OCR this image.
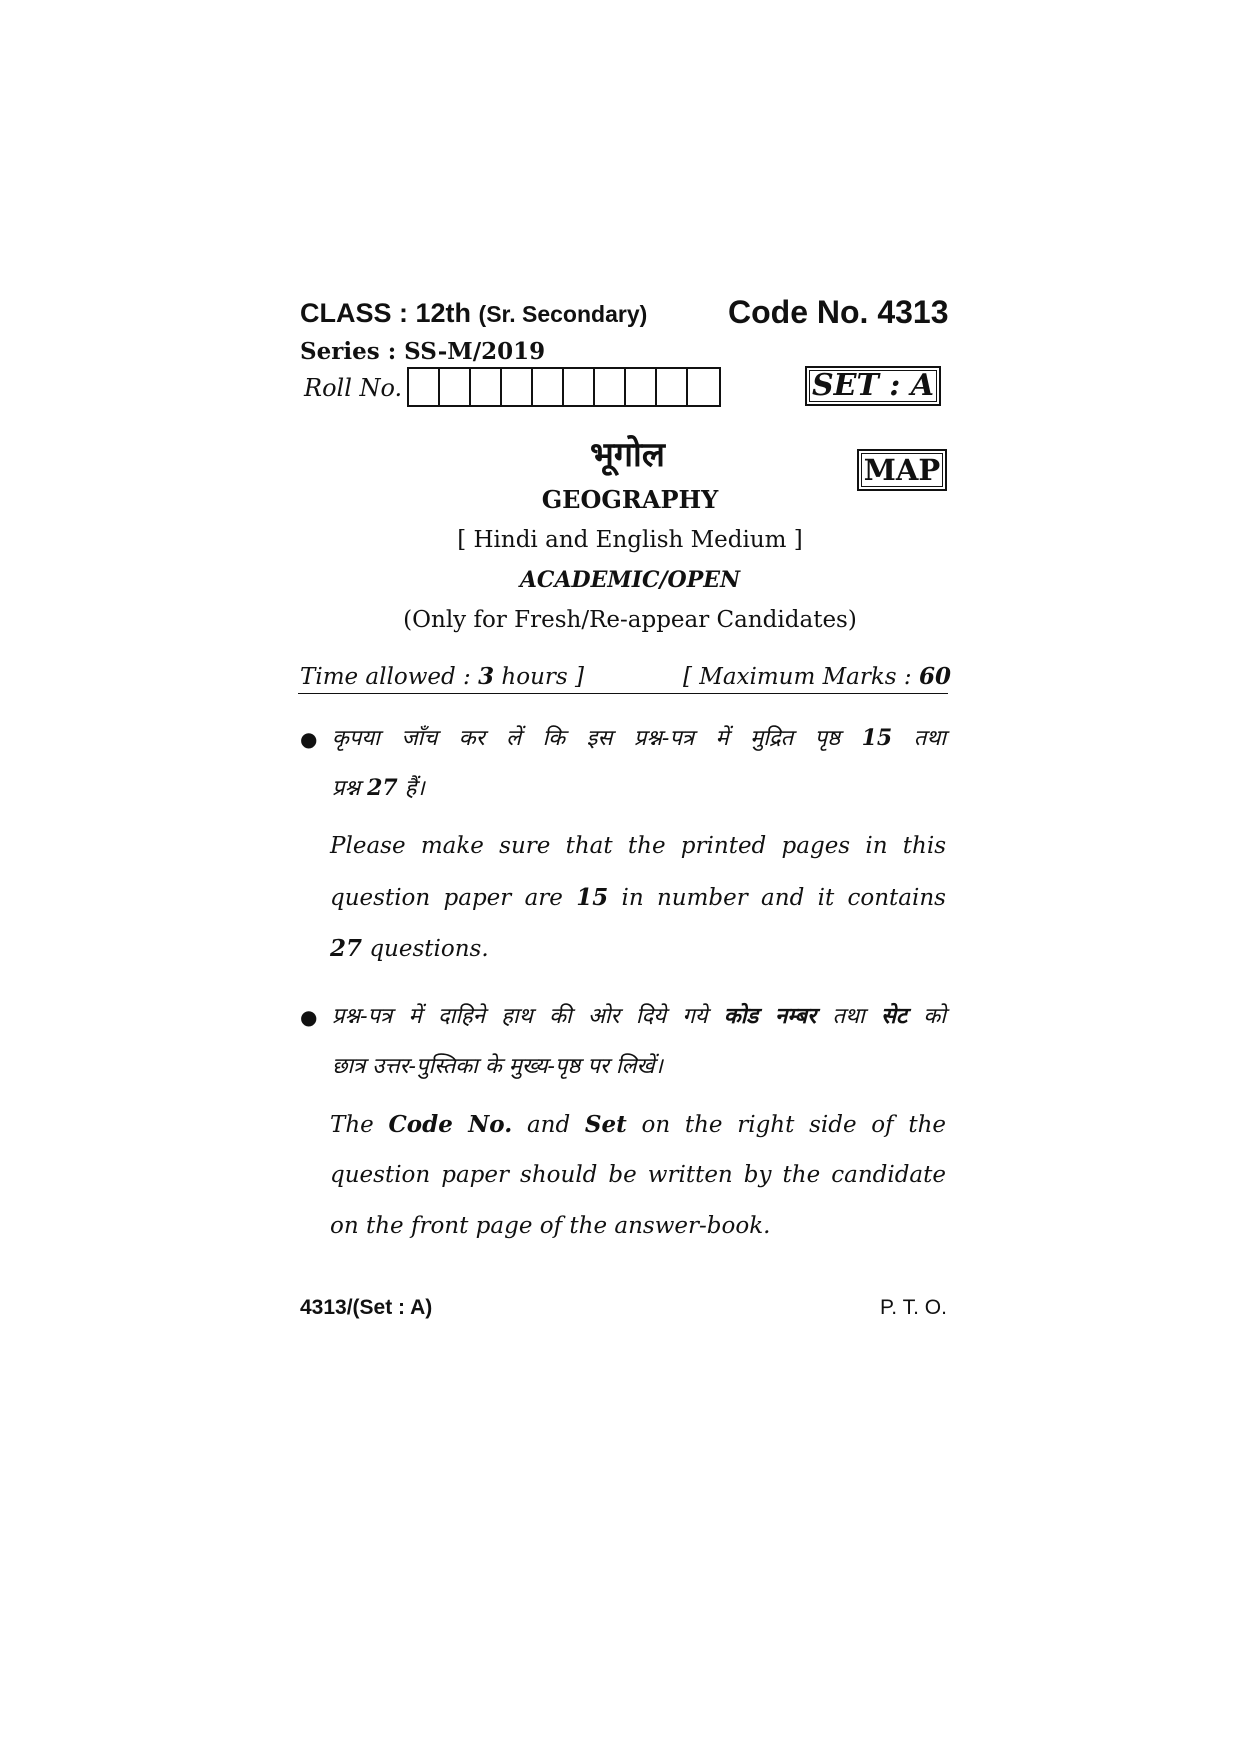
CLASS : 12th (Sr. Secondary)	Code No. 4313
Series : SS-M/2019
Roll No.	SET : A
भूगोल	MAP
GEOGRAPHY
[ Hindi and English Medium ]
ACADEMIC/OPEN
(Only for Fresh/Re-appear Candidates)
Time allowed : 3 hours ]	[ Maximum Marks : 60
● कृपया जाँच कर लें कि इस प्रश्न-पत्र में मुद्रित पृष्ठ 15 तथा
प्रश्न 27 हैं।
Please make sure that the printed pages in this
question paper are 15 in number and it contains
27 questions.
● प्रश्न-पत्र में दाहिने हाथ की ओर दिये गये कोड नम्बर तथा सेट को
छात्र उत्तर-पुस्तिका के मुख्य-पृष्ठ पर लिखें।
The Code No. and Set on the right side of the
question paper should be written by the candidate
on the front page of the answer-book.
4313/(Set : A)	P. T. O.
